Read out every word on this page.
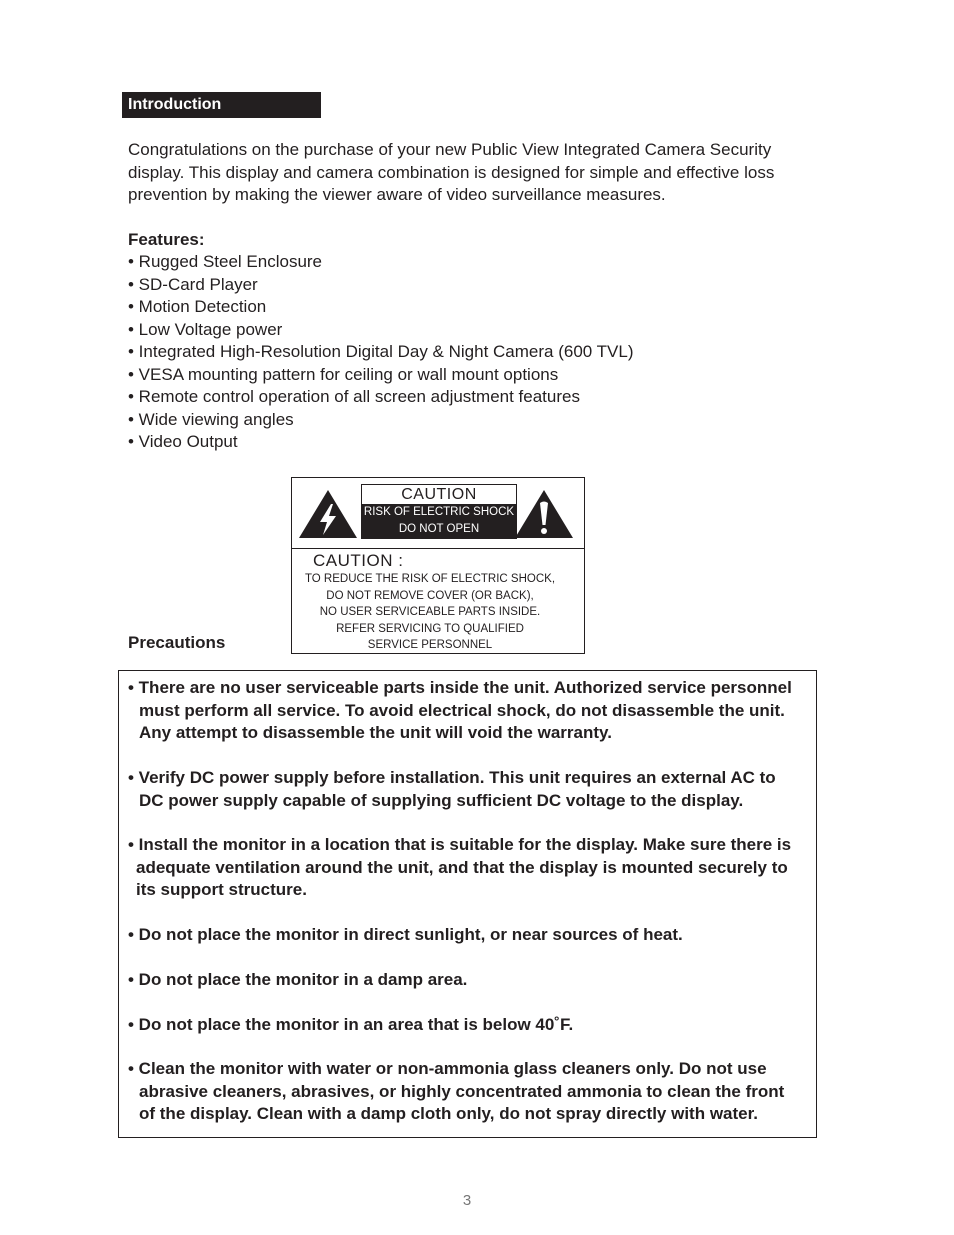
Introduction
Congratulations on the purchase of your new Public View Integrated Camera Security
display. This display and camera combination is designed for simple and effective loss
prevention by making the viewer aware of video surveillance measures.
Features:
• Rugged Steel Enclosure
• SD-Card Player
• Motion Detection
• Low Voltage power
• Integrated High-Resolution Digital Day & Night Camera (600 TVL)
• VESA mounting pattern for ceiling or wall mount options
• Remote control operation of all screen adjustment features
• Wide viewing angles
• Video Output
CAUTION
RISK OF ELECTRIC SHOCK
DO NOT OPEN
CAUTION :
TO REDUCE THE RISK OF ELECTRIC SHOCK,
DO NOT REMOVE COVER (OR BACK),
NO USER SERVICEABLE PARTS INSIDE.
REFER SERVICING TO QUALIFIED
SERVICE PERSONNEL
Precautions
• There are no user serviceable parts inside the unit. Authorized service personnel
must perform all service. To avoid electrical shock, do not disassemble the unit.
Any attempt to disassemble the unit will void the warranty.
• Verify DC power supply before installation. This unit requires an external AC to
DC power supply capable of supplying sufficient DC voltage to the display.
• Install the monitor in a location that is suitable for the display. Make sure there is
adequate ventilation around the unit, and that the display is mounted securely to
its support structure.
• Do not place the monitor in direct sunlight, or near sources of heat.
• Do not place the monitor in a damp area.
• Do not place the monitor in an area that is below 40˚F.
• Clean the monitor with water or non-ammonia glass cleaners only. Do not use
abrasive cleaners, abrasives, or highly concentrated ammonia to clean the front
of the display. Clean with a damp cloth only, do not spray directly with water.
3
